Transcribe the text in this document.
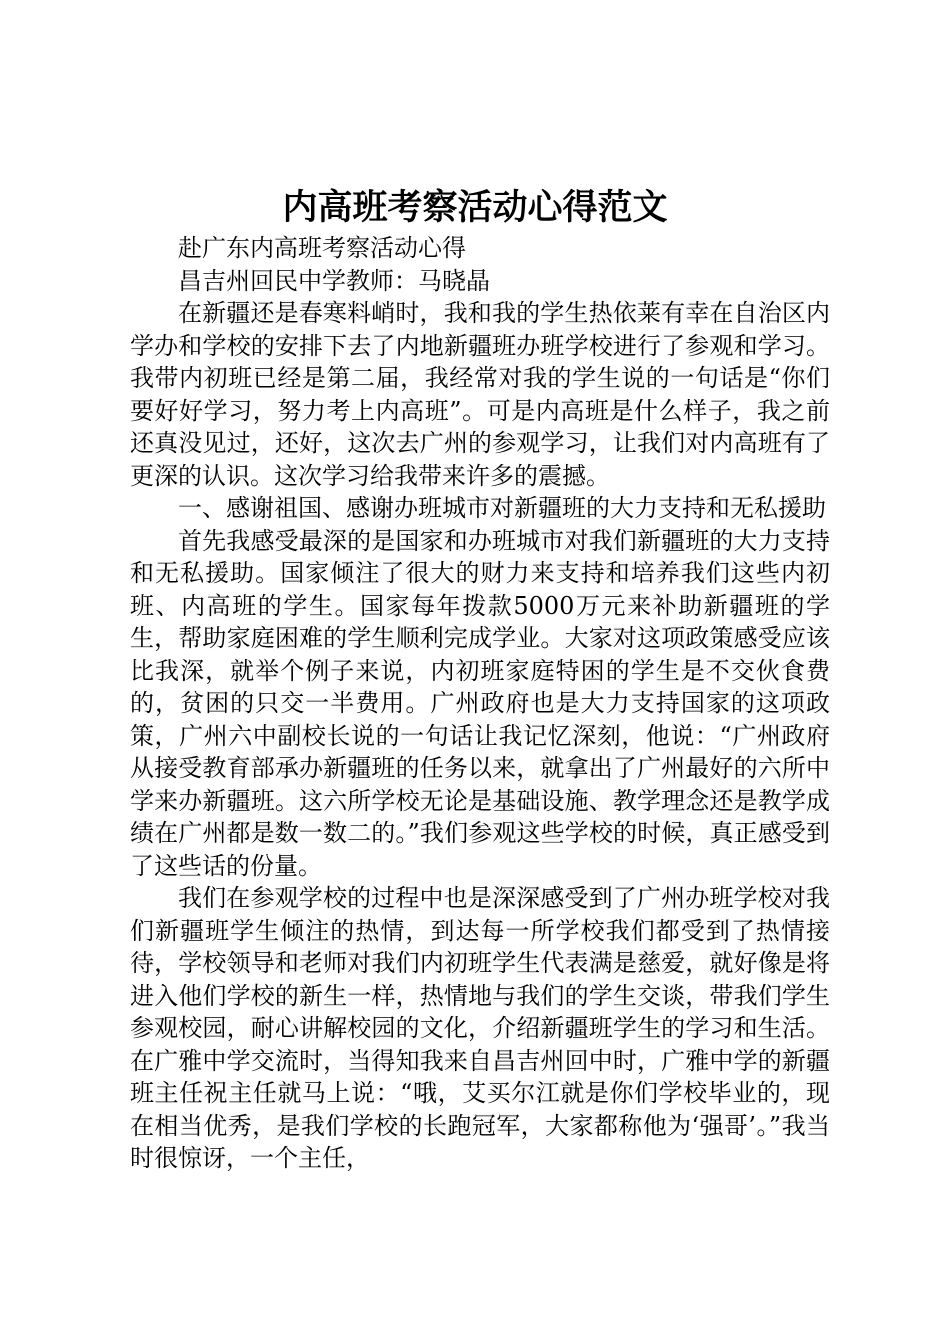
内高班考察活动心得范文

赴广东内高班考察活动心得

昌吉州回民中学教师：马晓晶

在新疆还是春寒料峭时，我和我的学生热依莱有幸在自治区内学办和学校的安排下去了内地新疆班办班学校进行了参观和学习。我带内初班已经是第二届，我经常对我的学生说的一句话是“你们要好好学习，努力考上内高班”。可是内高班是什么样子，我之前还真没见过，还好，这次去广州的参观学习，让我们对内高班有了更深的认识。这次学习给我带来许多的震撼。

一、感谢祖国、感谢办班城市对新疆班的大力支持和无私援助

首先我感受最深的是国家和办班城市对我们新疆班的大力支持和无私援助。国家倾注了很大的财力来支持和培养我们这些内初班、内高班的学生。国家每年拨款5000万元来补助新疆班的学生，帮助家庭困难的学生顺利完成学业。大家对这项政策感受应该比我深，就举个例子来说，内初班家庭特困的学生是不交伙食费的，贫困的只交一半费用。广州政府也是大力支持国家的这项政策，广州六中副校长说的一句话让我记忆深刻，他说：“广州政府从接受教育部承办新疆班的任务以来，就拿出了广州最好的六所中学来办新疆班。这六所学校无论是基础设施、教学理念还是教学成绩在广州都是数一数二的。”我们参观这些学校的时候，真正感受到了这些话的份量。

我们在参观学校的过程中也是深深感受到了广州办班学校对我们新疆班学生倾注的热情，到达每一所学校我们都受到了热情接待，学校领导和老师对我们内初班学生代表满是慈爱，就好像是将进入他们学校的新生一样，热情地与我们的学生交谈，带我们学生参观校园，耐心讲解校园的文化，介绍新疆班学生的学习和生活。在广雅中学交流时，当得知我来自昌吉州回中时，广雅中学的新疆班主任祝主任就马上说：“哦，艾买尔江就是你们学校毕业的，现在相当优秀，是我们学校的长跑冠军，大家都称他为‘强哥’。”我当时很惊讶，一个主任，
